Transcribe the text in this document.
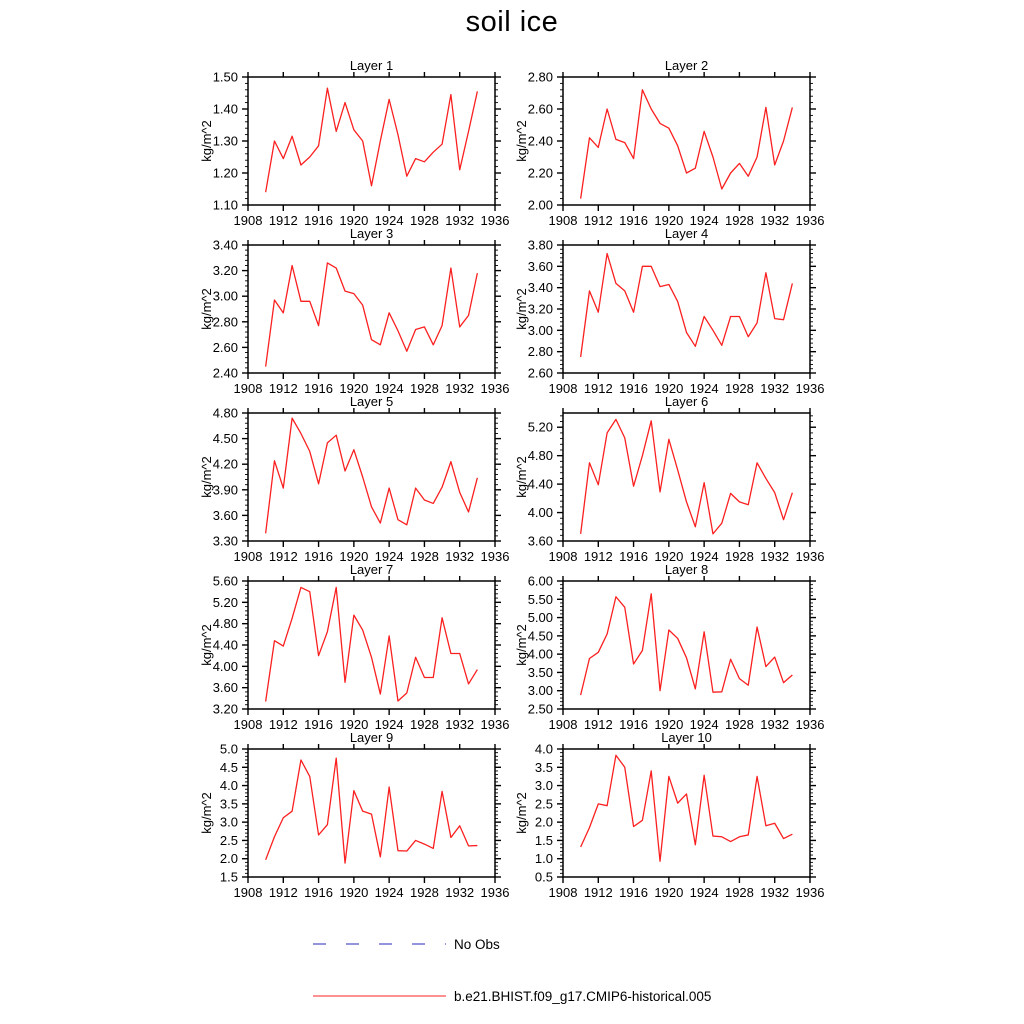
soil ice
Layer 1
kg/m^2
1.10
1.20
1.30
1.40
1.50
1908 1912 1916 1920 1924 1928 1932 1936
Layer 2
kg/m^2
2.00
2.20
2.40
2.60
2.80
1908 1912 1916 1920 1924 1928 1932 1936
Layer 3
kg/m^2
2.40
2.60
2.80
3.00
3.20
3.40
1908 1912 1916 1920 1924 1928 1932 1936
Layer 4
kg/m^2
2.60
2.80
3.00
3.20
3.40
3.60
3.80
1908 1912 1916 1920 1924 1928 1932 1936
Layer 5
kg/m^2
3.30
3.60
3.90
4.20
4.50
4.80
1908 1912 1916 1920 1924 1928 1932 1936
Layer 6
kg/m^2
3.60
4.00
4.40
4.80
5.20
1908 1912 1916 1920 1924 1928 1932 1936
Layer 7
kg/m^2
3.20
3.60
4.00
4.40
4.80
5.20
5.60
1908 1912 1916 1920 1924 1928 1932 1936
Layer 8
kg/m^2
2.50
3.00
3.50
4.00
4.50
5.00
5.50
6.00
1908 1912 1916 1920 1924 1928 1932 1936
Layer 9
kg/m^2
1.5
2.0
2.5
3.0
3.5
4.0
4.5
5.0
1908 1912 1916 1920 1924 1928 1932 1936
Layer 10
kg/m^2
0.5
1.0
1.5
2.0
2.5
3.0
3.5
4.0
1908 1912 1916 1920 1924 1928 1932 1936
No Obs
b.e21.BHIST.f09_g17.CMIP6-historical.005
